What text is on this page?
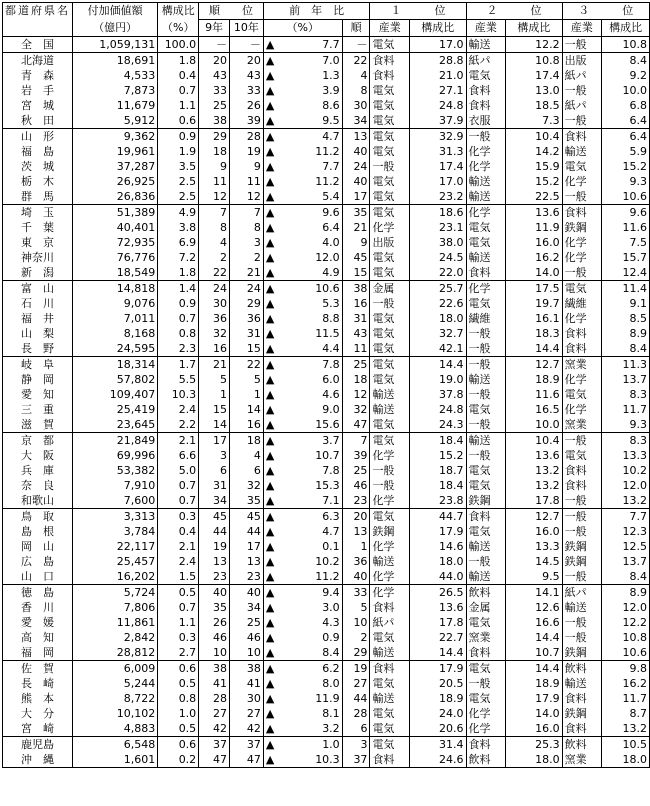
都道府県名	付加価値額	構成比	順　　位		前　年　比		１　　　位		２　　　位		３　　　位	
	（億円）	（%）	9年	10年	（%）	順	産業	構成比	産業	構成比	産業	構成比
全　国	1,059,131	100.0	－	－	▲ 7.7	－	電気	17.0	輸送	12.2	一般	10.8
北海道	18,691	1.8	20	20	▲ 7.0	22	食料	28.8	紙パ	10.8	出版	8.4
青　森	4,533	0.4	43	43	▲ 1.3	4	食料	21.0	電気	17.4	紙パ	9.2
岩　手	7,873	0.7	33	33	▲ 3.9	8	電気	27.1	食料	13.0	一般	10.0
宮　城	11,679	1.1	25	26	▲ 8.6	30	電気	24.8	食料	18.5	紙パ	6.8
秋　田	5,912	0.6	38	39	▲ 9.5	34	電気	37.9	衣服	7.3	一般	6.4
山　形	9,362	0.9	29	28	▲ 4.7	13	電気	32.9	一般	10.4	食料	6.4
福　島	19,961	1.9	18	19	▲ 11.2	40	電気	31.3	化学	14.2	輸送	5.9
茨　城	37,287	3.5	9	9	▲ 7.7	24	一般	17.4	化学	15.9	電気	15.2
栃　木	26,925	2.5	11	11	▲ 11.2	40	電気	17.0	輸送	15.2	化学	9.3
群　馬	26,836	2.5	12	12	▲ 5.4	17	電気	23.2	輸送	22.5	一般	10.6
埼　玉	51,389	4.9	7	7	▲ 9.6	35	電気	18.6	化学	13.6	食料	9.6
千　葉	40,401	3.8	8	8	▲ 6.4	21	化学	23.1	電気	11.9	鉄鋼	11.6
東　京	72,935	6.9	4	3	▲ 4.0	9	出版	38.0	電気	16.0	化学	7.5
神奈川	76,776	7.2	2	2	▲ 12.0	45	電気	24.5	輸送	16.2	化学	15.7
新　潟	18,549	1.8	22	21	▲ 4.9	15	電気	22.0	食料	14.0	一般	12.4
富　山	14,818	1.4	24	24	▲ 10.6	38	金属	25.7	化学	17.5	電気	11.4
石　川	9,076	0.9	30	29	▲ 5.3	16	一般	22.6	電気	19.7	繊維	9.1
福　井	7,011	0.7	36	36	▲ 8.8	31	電気	18.0	繊維	16.1	化学	8.5
山　梨	8,168	0.8	32	31	▲ 11.5	43	電気	32.7	一般	18.3	食料	8.9
長　野	24,595	2.3	16	15	▲ 4.4	11	電気	42.1	一般	14.4	食料	8.4
岐　阜	18,314	1.7	21	22	▲ 7.8	25	電気	14.4	一般	12.7	窯業	11.3
静　岡	57,802	5.5	5	5	▲ 6.0	18	電気	19.0	輸送	18.9	化学	13.7
愛　知	109,407	10.3	1	1	▲ 4.6	12	輸送	37.8	一般	11.6	電気	8.3
三　重	25,419	2.4	15	14	▲ 9.0	32	輸送	24.8	電気	16.5	化学	11.7
滋　賀	23,645	2.2	14	16	▲ 15.6	47	電気	24.3	一般	10.0	窯業	9.3
京　都	21,849	2.1	17	18	▲ 3.7	7	電気	18.4	輸送	10.4	一般	8.3
大　阪	69,996	6.6	3	4	▲ 10.7	39	化学	15.2	一般	13.6	電気	13.3
兵　庫	53,382	5.0	6	6	▲ 7.8	25	一般	18.7	電気	13.2	食料	10.2
奈　良	7,910	0.7	31	32	▲ 15.3	46	一般	18.4	電気	13.2	食料	12.0
和歌山	7,600	0.7	34	35	▲ 7.1	23	化学	23.8	鉄鋼	17.8	一般	13.2
鳥　取	3,313	0.3	45	45	▲ 6.3	20	電気	44.7	食料	12.7	一般	7.7
島　根	3,784	0.4	44	44	▲ 4.7	13	鉄鋼	17.9	電気	16.0	一般	12.3
岡　山	22,117	2.1	19	17	▲ 0.1	1	化学	14.6	輸送	13.3	鉄鋼	12.5
広　島	25,457	2.4	13	13	▲ 10.2	36	輸送	18.0	一般	14.5	鉄鋼	13.7
山　口	16,202	1.5	23	23	▲ 11.2	40	化学	44.0	輸送	9.5	一般	8.4
徳　島	5,724	0.5	40	40	▲ 9.4	33	化学	26.5	飲料	14.1	紙パ	8.9
香　川	7,806	0.7	35	34	▲ 3.0	5	食料	13.6	金属	12.6	輸送	12.0
愛　媛	11,861	1.1	26	25	▲ 4.3	10	紙パ	17.8	電気	16.6	一般	12.2
高　知	2,842	0.3	46	46	▲ 0.9	2	電気	22.7	窯業	14.4	一般	10.8
福　岡	28,812	2.7	10	10	▲ 8.4	29	輸送	14.4	食料	10.7	鉄鋼	10.6
佐　賀	6,009	0.6	38	38	▲ 6.2	19	食料	17.9	電気	14.4	飲料	9.8
長　崎	5,244	0.5	41	41	▲ 8.0	27	電気	20.5	一般	18.9	輸送	16.2
熊　本	8,722	0.8	28	30	▲ 11.9	44	輸送	18.9	電気	17.9	食料	11.7
大　分	10,102	1.0	27	27	▲ 8.1	28	電気	24.0	化学	14.0	鉄鋼	8.7
宮　崎	4,883	0.5	42	42	▲ 3.2	6	電気	20.6	化学	16.0	食料	13.2
鹿児島	6,548	0.6	37	37	▲ 1.0	3	電気	31.4	食料	25.3	飲料	10.5
沖　縄	1,601	0.2	47	47	▲ 10.3	37	食料	24.6	飲料	18.0	窯業	18.0
